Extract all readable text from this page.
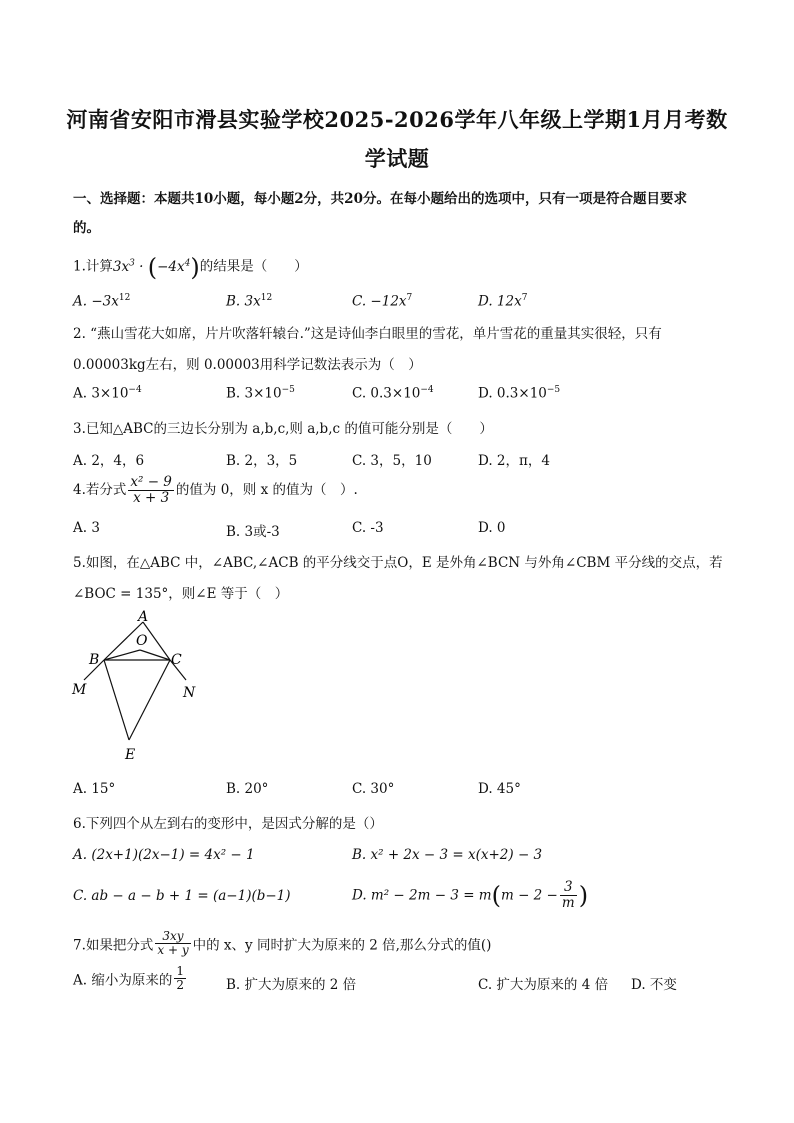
河南省安阳市滑县实验学校2025-2026学年八年级上学期1月月考数
学试题
一、选择题：本题共10小题，每小题2分，共20分。在每小题给出的选项中，只有一项是符合题目要求
的。
1.计算$3x^3 \cdot (-4x^4)$的结果是（　　）
A. $-3x^{12}$	B. $3x^{12}$	C. $-12x^7$	D. $12x^7$
2. “燕山雪花大如席，片片吹落轩辕台.”这是诗仙李白眼里的雪花，单片雪花的重量其实很轻，只有
0.00003kg左右，则 0.00003用科学记数法表示为（　）
A. $3\times 10^{-4}$	B. $3\times 10^{-5}$	C. $0.3\times 10^{-4}$	D. $0.3\times 10^{-5}$
3.已知△ABC的三边长分别为 a,b,c,则 a,b,c 的值可能分别是（　　）
A. 2，4，6	B. 2，3，5	C. 3，5，10	D. 2，π，4
4.若分式 $\frac{\text{x² − 9}}{x + 3}$ 的值为 0，则 x 的值为（　）.
A. 3	B. 3或-3	C. -3	D. 0
5.如图，在△ABC 中，∠ABC,∠ACB 的平分线交于点O，E 是外角∠BCN 与外角∠CBM 平分线的交点，若
∠BOC = 135°，则∠E 等于（　）
A
O
B	C
M	N
E
A. 15°	B. 20°	C. 30°	D. 45°
6.下列四个从左到右的变形中，是因式分解的是（）
A. (2x+1)(2x−1) = 4x² − 1	B. x² + 2x − 3 = x(x+2) − 3
C. ab − a − b + 1 = (a−1)(b−1)	D. $m^2 - 2m - 3 = m(m - 2 - \frac{3}{m}$ )
7.如果把分式 $\frac{3xy}{x + y}$ 中的 x、y 同时扩大为原来的 2 倍,那么分式的值()
A. 缩小为原来的 $\frac{1}{2}$	B. 扩大为原来的 2 倍	C. 扩大为原来的 4 倍 D. 不变
